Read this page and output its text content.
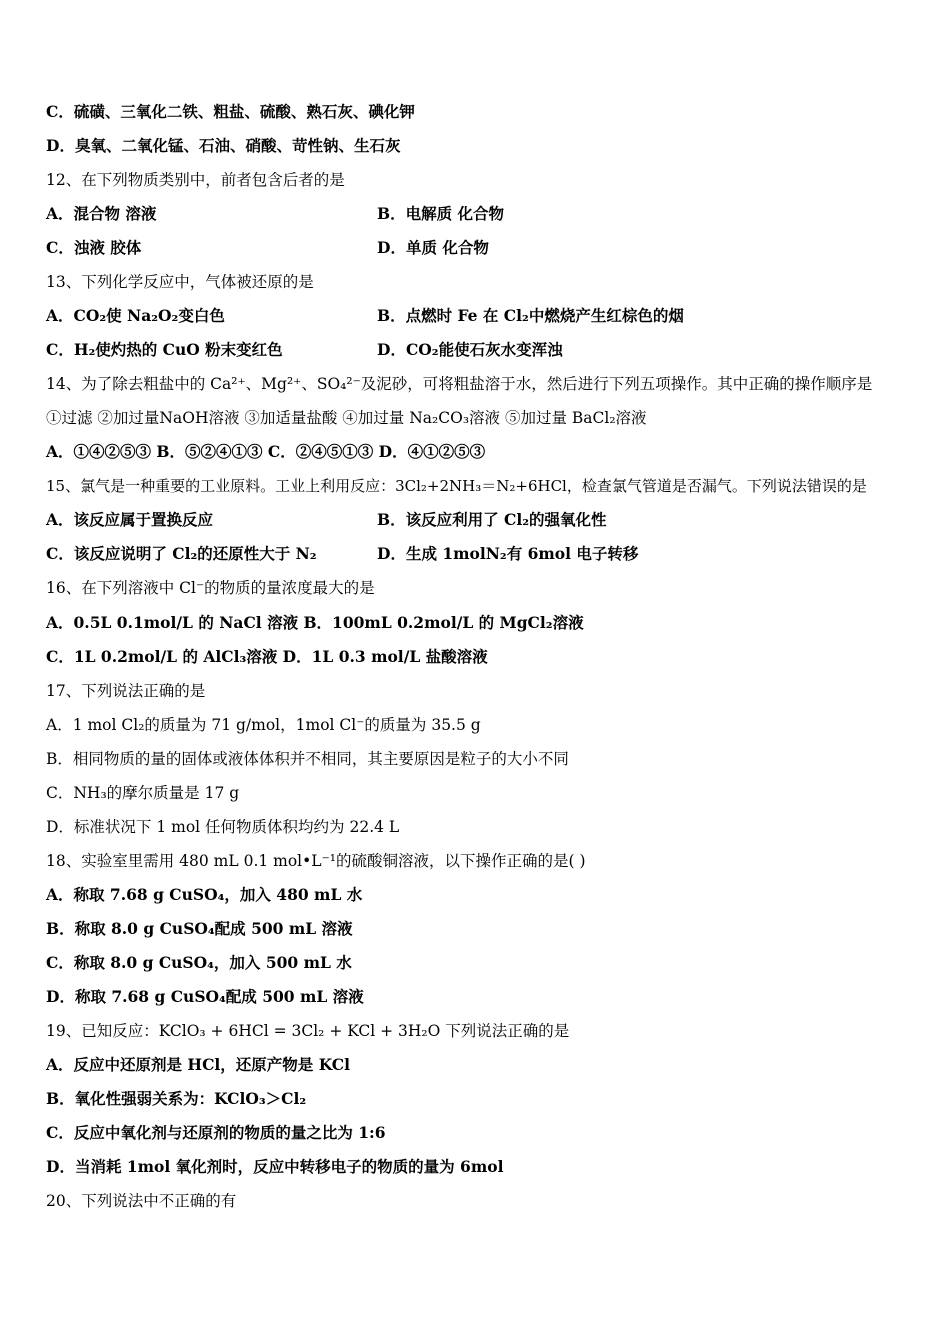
C．硫磺、三氧化二铁、粗盐、硫酸、熟石灰、碘化钾
D．臭氧、二氧化锰、石油、硝酸、苛性钠、生石灰
12、在下列物质类别中，前者包含后者的是
A．混合物 溶液	B．电解质 化合物
C．浊液 胶体	D．单质 化合物
13、下列化学反应中，气体被还原的是
A．CO₂使 Na₂O₂变白色	B．点燃时 Fe 在 Cl₂中燃烧产生红棕色的烟
C．H₂使灼热的 CuO 粉末变红色	D．CO₂能使石灰水变浑浊
14、为了除去粗盐中的 Ca²⁺、Mg²⁺、SO₄²⁻及泥砂，可将粗盐溶于水，然后进行下列五项操作。其中正确的操作顺序是
①过滤 ②加过量NaOH溶液 ③加适量盐酸 ④加过量 Na₂CO₃溶液 ⑤加过量 BaCl₂溶液
A．①④②⑤③ B．⑤②④①③ C．②④⑤①③ D．④①②⑤③
15、氯气是一种重要的工业原料。工业上利用反应：3Cl₂+2NH₃＝N₂+6HCl，检查氯气管道是否漏气。下列说法错误的是
A．该反应属于置换反应	B．该反应利用了 Cl₂的强氧化性
C．该反应说明了 Cl₂的还原性大于 N₂	D．生成 1molN₂有 6mol 电子转移
16、在下列溶液中 Cl⁻的物质的量浓度最大的是
A．0.5L 0.1mol/L 的 NaCl 溶液 B．100mL 0.2mol/L 的 MgCl₂溶液
C．1L 0.2mol/L 的 AlCl₃溶液 D．1L 0.3 mol/L 盐酸溶液
17、下列说法正确的是
A．1 mol Cl₂的质量为 71 g/mol，1mol Cl⁻的质量为 35.5 g
B．相同物质的量的固体或液体体积并不相同，其主要原因是粒子的大小不同
C．NH₃的摩尔质量是 17 g
D．标准状况下 1 mol 任何物质体积均约为 22.4 L
18、实验室里需用 480 mL 0.1 mol•L⁻¹的硫酸铜溶液，以下操作正确的是( )
A．称取 7.68 g CuSO₄，加入 480 mL 水
B．称取 8.0 g CuSO₄配成 500 mL 溶液
C．称取 8.0 g CuSO₄，加入 500 mL 水
D．称取 7.68 g CuSO₄配成 500 mL 溶液
19、已知反应：KClO₃ + 6HCl = 3Cl₂ + KCl + 3H₂O 下列说法正确的是
A．反应中还原剂是 HCl，还原产物是 KCl
B．氧化性强弱关系为：KClO₃＞Cl₂
C．反应中氧化剂与还原剂的物质的量之比为 1:6
D．当消耗 1mol 氧化剂时，反应中转移电子的物质的量为 6mol
20、下列说法中不正确的有
